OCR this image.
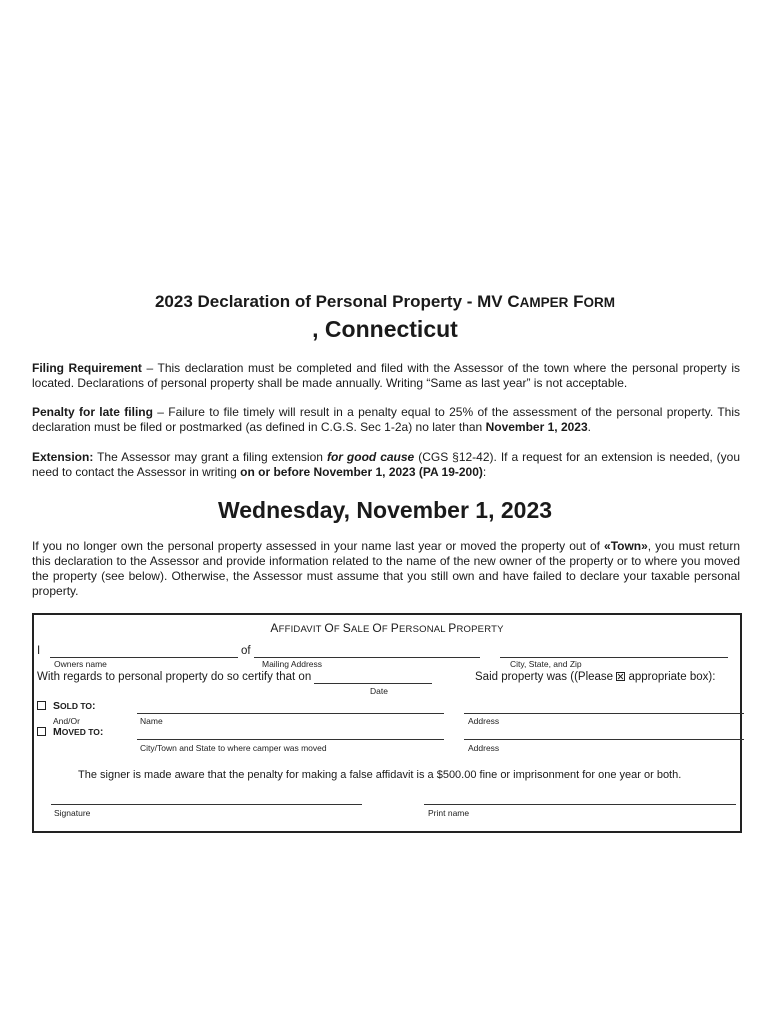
2023 Declaration of Personal Property - MV CAMPER FORM
, Connecticut
Filing Requirement – This declaration must be completed and filed with the Assessor of the town where the personal property is located. Declarations of personal property shall be made annually. Writing “Same as last year” is not acceptable.
Penalty for late filing – Failure to file timely will result in a penalty equal to 25% of the assessment of the personal property. This declaration must be filed or postmarked (as defined in C.G.S. Sec 1-2a) no later than November 1, 2023.
Extension: The Assessor may grant a filing extension for good cause (CGS §12-42). If a request for an extension is needed, (you need to contact the Assessor in writing on or before November 1, 2023 (PA 19-200):
Wednesday, November 1, 2023
If you no longer own the personal property assessed in your name last year or moved the property out of «Town», you must return this declaration to the Assessor and provide information related to the name of the new owner of the property or to where you moved the property (see below). Otherwise, the Assessor must assume that you still own and have failed to declare your taxable personal property.
AFFIDAVIT OF SALE OF PERSONAL PROPERTY
I	of
Owners name	Mailing Address	City, State, and Zip
With regards to personal property do so certify that on
Date
Said property was ((Please  appropriate box):
SOLD TO:
And/Or	Name	Address
MOVED TO:
City/Town and State to where camper was moved	Address
The signer is made aware that the penalty for making a false affidavit is a $500.00 fine or imprisonment for one year or both.
Signature	Print name
